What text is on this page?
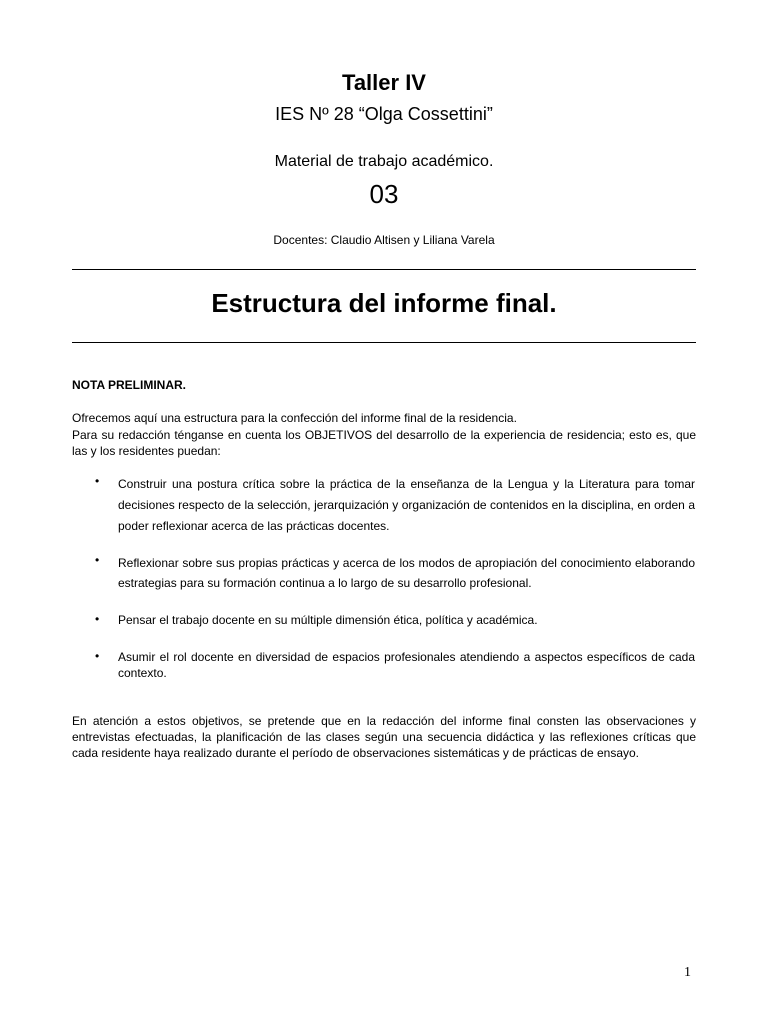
Taller IV
IES Nº 28 “Olga Cossettini”
Material de trabajo académico.
03
Docentes: Claudio Altisen y Liliana Varela
Estructura del informe final.
NOTA PRELIMINAR.
Ofrecemos aquí una estructura para la confección del informe final de la residencia.
Para su redacción ténganse en cuenta los OBJETIVOS del desarrollo de la experiencia de residencia; esto es, que las y los residentes puedan:
• Construir una postura crítica sobre la práctica de la enseñanza de la Lengua y la Literatura para tomar decisiones respecto de la selección, jerarquización y organización de contenidos en la disciplina, en orden a poder reflexionar acerca de las prácticas docentes.
• Reflexionar sobre sus propias prácticas y acerca de los modos de apropiación del conocimiento elaborando estrategias para su formación continua a lo largo de su desarrollo profesional.
• Pensar el trabajo docente en su múltiple dimensión ética, política y académica.
• Asumir el rol docente en diversidad de espacios profesionales atendiendo a aspectos específicos de cada contexto.
En atención a estos objetivos, se pretende que en la redacción del informe final consten las observaciones y entrevistas efectuadas, la planificación de las clases según una secuencia didáctica y las reflexiones críticas que cada residente haya realizado durante el período de observaciones sistemáticas y de prácticas de ensayo.
1
